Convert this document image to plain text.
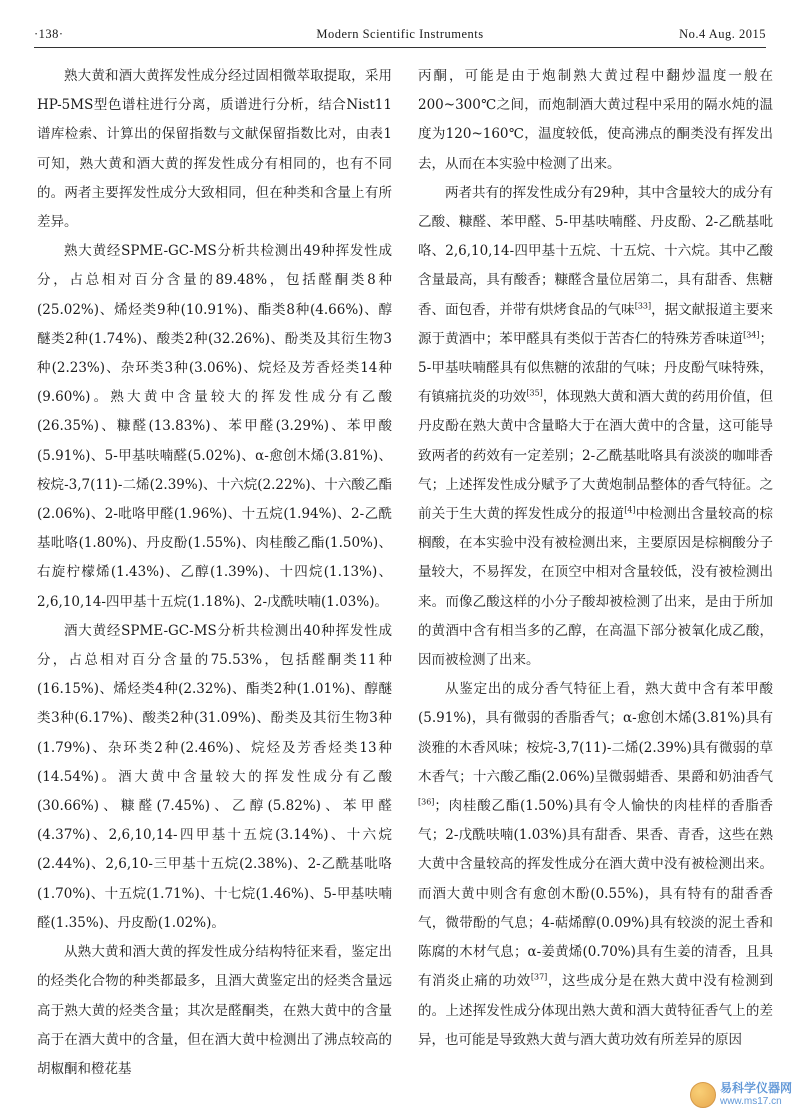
·138·	Modern Scientific Instruments	No.4 Aug. 2015

熟大黄和酒大黄挥发性成分经过固相微萃取提取，采用HP-5MS型色谱柱进行分离，质谱进行分析，结合Nist11谱库检索、计算出的保留指数与文献保留指数比对，由表1可知，熟大黄和酒大黄的挥发性成分有相同的，也有不同的。两者主要挥发性成分大致相同，但在种类和含量上有所差异。

熟大黄经SPME-GC-MS分析共检测出49种挥发性成分，占总相对百分含量的89.48%，包括醛酮类8种(25.02%)、烯烃类9种(10.91%)、酯类8种(4.66%)、醇醚类2种(1.74%)、酸类2种(32.26%)、酚类及其衍生物3种(2.23%)、杂环类3种(3.06%)、烷烃及芳香烃类14种(9.60%)。熟大黄中含量较大的挥发性成分有乙酸(26.35%)、糠醛(13.83%)、苯甲醛(3.29%)、苯甲酸(5.91%)、5-甲基呋喃醛(5.02%)、α-愈创木烯(3.81%)、桉烷-3,7(11)-二烯(2.39%)、十六烷(2.22%)、十六酸乙酯(2.06%)、2-吡咯甲醛(1.96%)、十五烷(1.94%)、2-乙酰基吡咯(1.80%)、丹皮酚(1.55%)、肉桂酸乙酯(1.50%)、右旋柠檬烯(1.43%)、乙醇(1.39%)、十四烷(1.13%)、2,6,10,14-四甲基十五烷(1.18%)、2-戊酰呋喃(1.03%)。

酒大黄经SPME-GC-MS分析共检测出40种挥发性成分，占总相对百分含量的75.53%，包括醛酮类11种(16.15%)、烯烃类4种(2.32%)、酯类2种(1.01%)、醇醚类3种(6.17%)、酸类2种(31.09%)、酚类及其衍生物3种(1.79%)、杂环类2种(2.46%)、烷烃及芳香烃类13种(14.54%)。酒大黄中含量较大的挥发性成分有乙酸(30.66%)、糠醛(7.45%)、乙醇(5.82%)、苯甲醛(4.37%)、2,6,10,14-四甲基十五烷(3.14%)、十六烷(2.44%)、2,6,10-三甲基十五烷(2.38%)、2-乙酰基吡咯(1.70%)、十五烷(1.71%)、十七烷(1.46%)、5-甲基呋喃醛(1.35%)、丹皮酚(1.02%)。

从熟大黄和酒大黄的挥发性成分结构特征来看，鉴定出的烃类化合物的种类都最多，且酒大黄鉴定出的烃类含量远高于熟大黄的烃类含量；其次是醛酮类，在熟大黄中的含量高于在酒大黄中的含量，但在酒大黄中检测出了沸点较高的胡椒酮和橙花基

丙酮，可能是由于炮制熟大黄过程中翻炒温度一般在200~300℃之间，而炮制酒大黄过程中采用的隔水炖的温度为120~160℃，温度较低，使高沸点的酮类没有挥发出去，从而在本实验中检测了出来。

两者共有的挥发性成分有29种，其中含量较大的成分有乙酸、糠醛、苯甲醛、5-甲基呋喃醛、丹皮酚、2-乙酰基吡咯、2,6,10,14-四甲基十五烷、十五烷、十六烷。其中乙酸含量最高，具有酸香；糠醛含量位居第二，具有甜香、焦糖香、面包香，并带有烘烤食品的气味[33]，据文献报道主要来源于黄酒中；苯甲醛具有类似于苦杏仁的特殊芳香味道[34]；5-甲基呋喃醛具有似焦糖的浓甜的气味；丹皮酚气味特殊，有镇痛抗炎的功效[35]，体现熟大黄和酒大黄的药用价值，但丹皮酚在熟大黄中含量略大于在酒大黄中的含量，这可能导致两者的药效有一定差别；2-乙酰基吡咯具有淡淡的咖啡香气；上述挥发性成分赋予了大黄炮制品整体的香气特征。之前关于生大黄的挥发性成分的报道[4]中检测出含量较高的棕榈酸，在本实验中没有被检测出来，主要原因是棕榈酸分子量较大，不易挥发，在顶空中相对含量较低，没有被检测出来。而像乙酸这样的小分子酸却被检测了出来，是由于所加的黄酒中含有相当多的乙醇，在高温下部分被氧化成乙酸，因而被检测了出来。

从鉴定出的成分香气特征上看，熟大黄中含有苯甲酸(5.91%)，具有微弱的香脂香气；α-愈创木烯(3.81%)具有淡雅的木香风味；桉烷-3,7(11)-二烯(2.39%)具有微弱的草木香气；十六酸乙酯(2.06%)呈微弱蜡香、果爵和奶油香气[36]；肉桂酸乙酯(1.50%)具有令人愉快的肉桂样的香脂香气；2-戊酰呋喃(1.03%)具有甜香、果香、青香，这些在熟大黄中含量较高的挥发性成分在酒大黄中没有被检测出来。而酒大黄中则含有愈创木酚(0.55%)，具有特有的甜香香气，微带酚的气息；4-萜烯醇(0.09%)具有较淡的泥土香和陈腐的木材气息；α-姜黄烯(0.70%)具有生姜的清香，且具有消炎止痛的功效[37]，这些成分是在熟大黄中没有检测到的。上述挥发性成分体现出熟大黄和酒大黄特征香气上的差异，也可能是导致熟大黄与酒大黄功效有所差异的原因

易科学仪器网
www.ms17.cn
